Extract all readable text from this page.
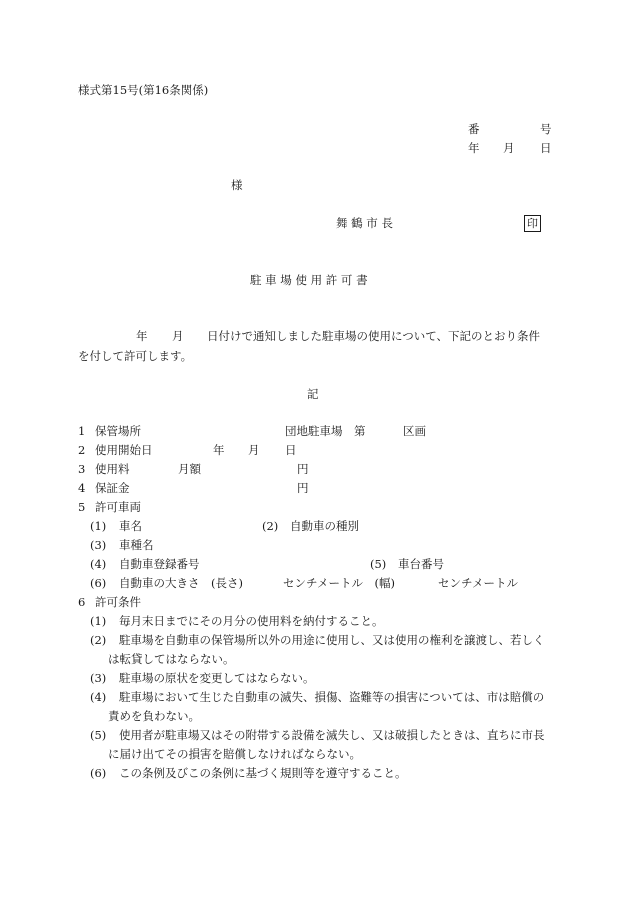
様式第15号(第16条関係)
番	号
年 月 日
様
舞 鶴 市 長	印
駐 車 場 使 用 許 可 書
年 月 日付けで通知しました駐車場の使用について、下記のとおり条件
を付して許可します。
記
1 保管場所	団地駐車場　第	区画
2 使用開始日	年 月 日
3 使用料	月額	円
4 保証金	円
5 許可車両
(1) 車名	(2) 自動車の種別
(3) 車種名
(4) 自動車登録番号	(5) 車台番号
(6) 自動車の大きさ　(長さ)	センチメートル　(幅)	センチメートル
6 許可条件
(1) 毎月末日までにその月分の使用料を納付すること。
(2) 駐車場を自動車の保管場所以外の用途に使用し、又は使用の権利を譲渡し、若しく
は転貸してはならない。
(3) 駐車場の原状を変更してはならない。
(4) 駐車場において生じた自動車の滅失、損傷、盗難等の損害については、市は賠償の
責めを負わない。
(5) 使用者が駐車場又はその附帯する設備を滅失し、又は破損したときは、直ちに市長
に届け出てその損害を賠償しなければならない。
(6) この条例及びこの条例に基づく規則等を遵守すること。
